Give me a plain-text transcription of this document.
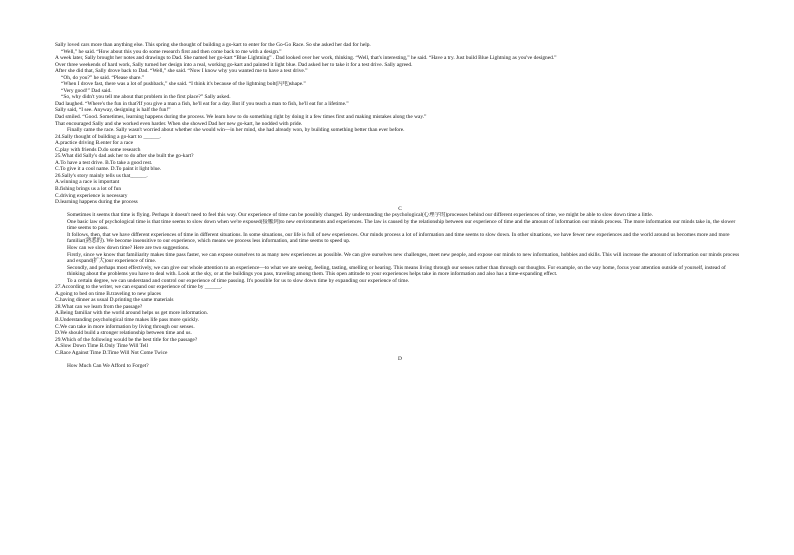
Sally loved cars more than anything else. This spring she thought of building a go-kart to enter for the Go-Go Race. So she asked her dad for help.
“Well,” he said. “How about this you do some research first and then come back to me with a design.”
A week later, Sally brought her notes and drawings to Dad. She named her go-kart “Blue Lightning” . Dad looked over her work, thinking. “Well, that's interesting,” he said. “Have a try. Just build Blue Lightning as you've designed.”
Over three weekends of hard work, Sally turned her design into a real, working go-kart and painted it light blue. Dad asked her to take it for a test drive. Sally agreed.
After she did that, Sally drove back to Dad. “Well,” she said. “Now I know why you wanted me to have a test drive.”
“Oh, do you?” he said. “Please share.”
“When I drove fast, there was a lot of pushback,” she said. “I think it's because of the lightning bolt(闪电)shape.”
“Very good!” Dad said.
“So, why didn't you tell me about that problem in the first place?” Sally asked.
Dad laughed. “Where's the fun in that?If you give a man a fish, he'll eat for a day. But if you teach a man to fish, he'll eat for a lifetime.”
Sally said, “I see. Anyway, designing is half the fun!”
Dad smiled. “Good. Sometimes, learning happens during the process. We learn how to do something right by doing it a few times first and making mistakes along the way.”
That encouraged Sally and she worked even harder. When she showed Dad her new go-kart, he nodded with pride.
Finally came the race. Sally wasn't worried about whether she would win—in her mind, she had already won, by building something better than ever before.
24.Sally thought of building a go-kart to ______.
A.practice driving B.enter for a race
C.play with friends D.do some research
25.What did Sally's dad ask her to do after she built the go-kart?
A.To have a test drive. B.To take a good rest.
C.To give it a cool name. D.To paint it light blue.
26.Sally's story mainly tells us that______.
A.winning a race is important
B.fishing brings us a lot of fun
C.driving experience is necessary
D.learning happens during the process
C
Sometimes it seems that time is flying. Perhaps it doesn't need to feel this way. Our experience of time can be possibly changed. By understanding the psychological(心理学的)processes behind our different experiences of time, we might be able to slow down time a little.
One basic law of psychological time is that time seems to slow down when we're exposed(接触到)to new environments and experiences. The law is caused by the relationship between our experience of time and the amount of information our minds process. The more information our minds take in, the slower time seems to pass.
It follows, then, that we have different experiences of time in different situations. In some situations, our life is full of new experiences. Our minds process a lot of information and time seems to slow down. In other situations, we have fewer new experiences and the world around us becomes more and more familiar(熟悉的). We become insensitive to our experience, which means we process less information, and time seems to speed up.
How can we slow down time? Here are two suggestions.
Firstly, since we know that familiarity makes time pass faster, we can expose ourselves to as many new experiences as possible. We can give ourselves new challenges, meet new people, and expose our minds to new information, hobbies and skills. This will increase the amount of information our minds process and expand(扩大)our experience of time.
Secondly, and perhaps most effectively, we can give our whole attention to an experience—to what we are seeing, feeling, tasting, smelling or hearing. This means living through our senses rather than through our thoughts. For example, on the way home, focus your attention outside of yourself, instead of thinking about the problems you have to deal with. Look at the sky, or at the buildings you pass, traveling among them. This open attitude to your experiences helps take in more information and also has a time-expanding effect.
To a certain degree, we can understand and control our experience of time passing. It's possible for us to slow down time by expanding our experience of time.
27.According to the writer, we can expand our experience of time by ______.
A.going to bed on time B.traveling to new places
C.having dinner as usual D.printing the same materials
28.What can we learn from the passage?
A.Being familiar with the world around helps us get more information.
B.Understanding psychological time makes life pass more quickly.
C.We can take in more information by living through our senses.
D.We should build a stronger relationship between time and us.
29.Which of the following would be the best title for the passage?
A.Slow Down Time B.Only Time Will Tell
C.Race Against Time D.Time Will Not Come Twice
D
How Much Can We Afford to Forget?
